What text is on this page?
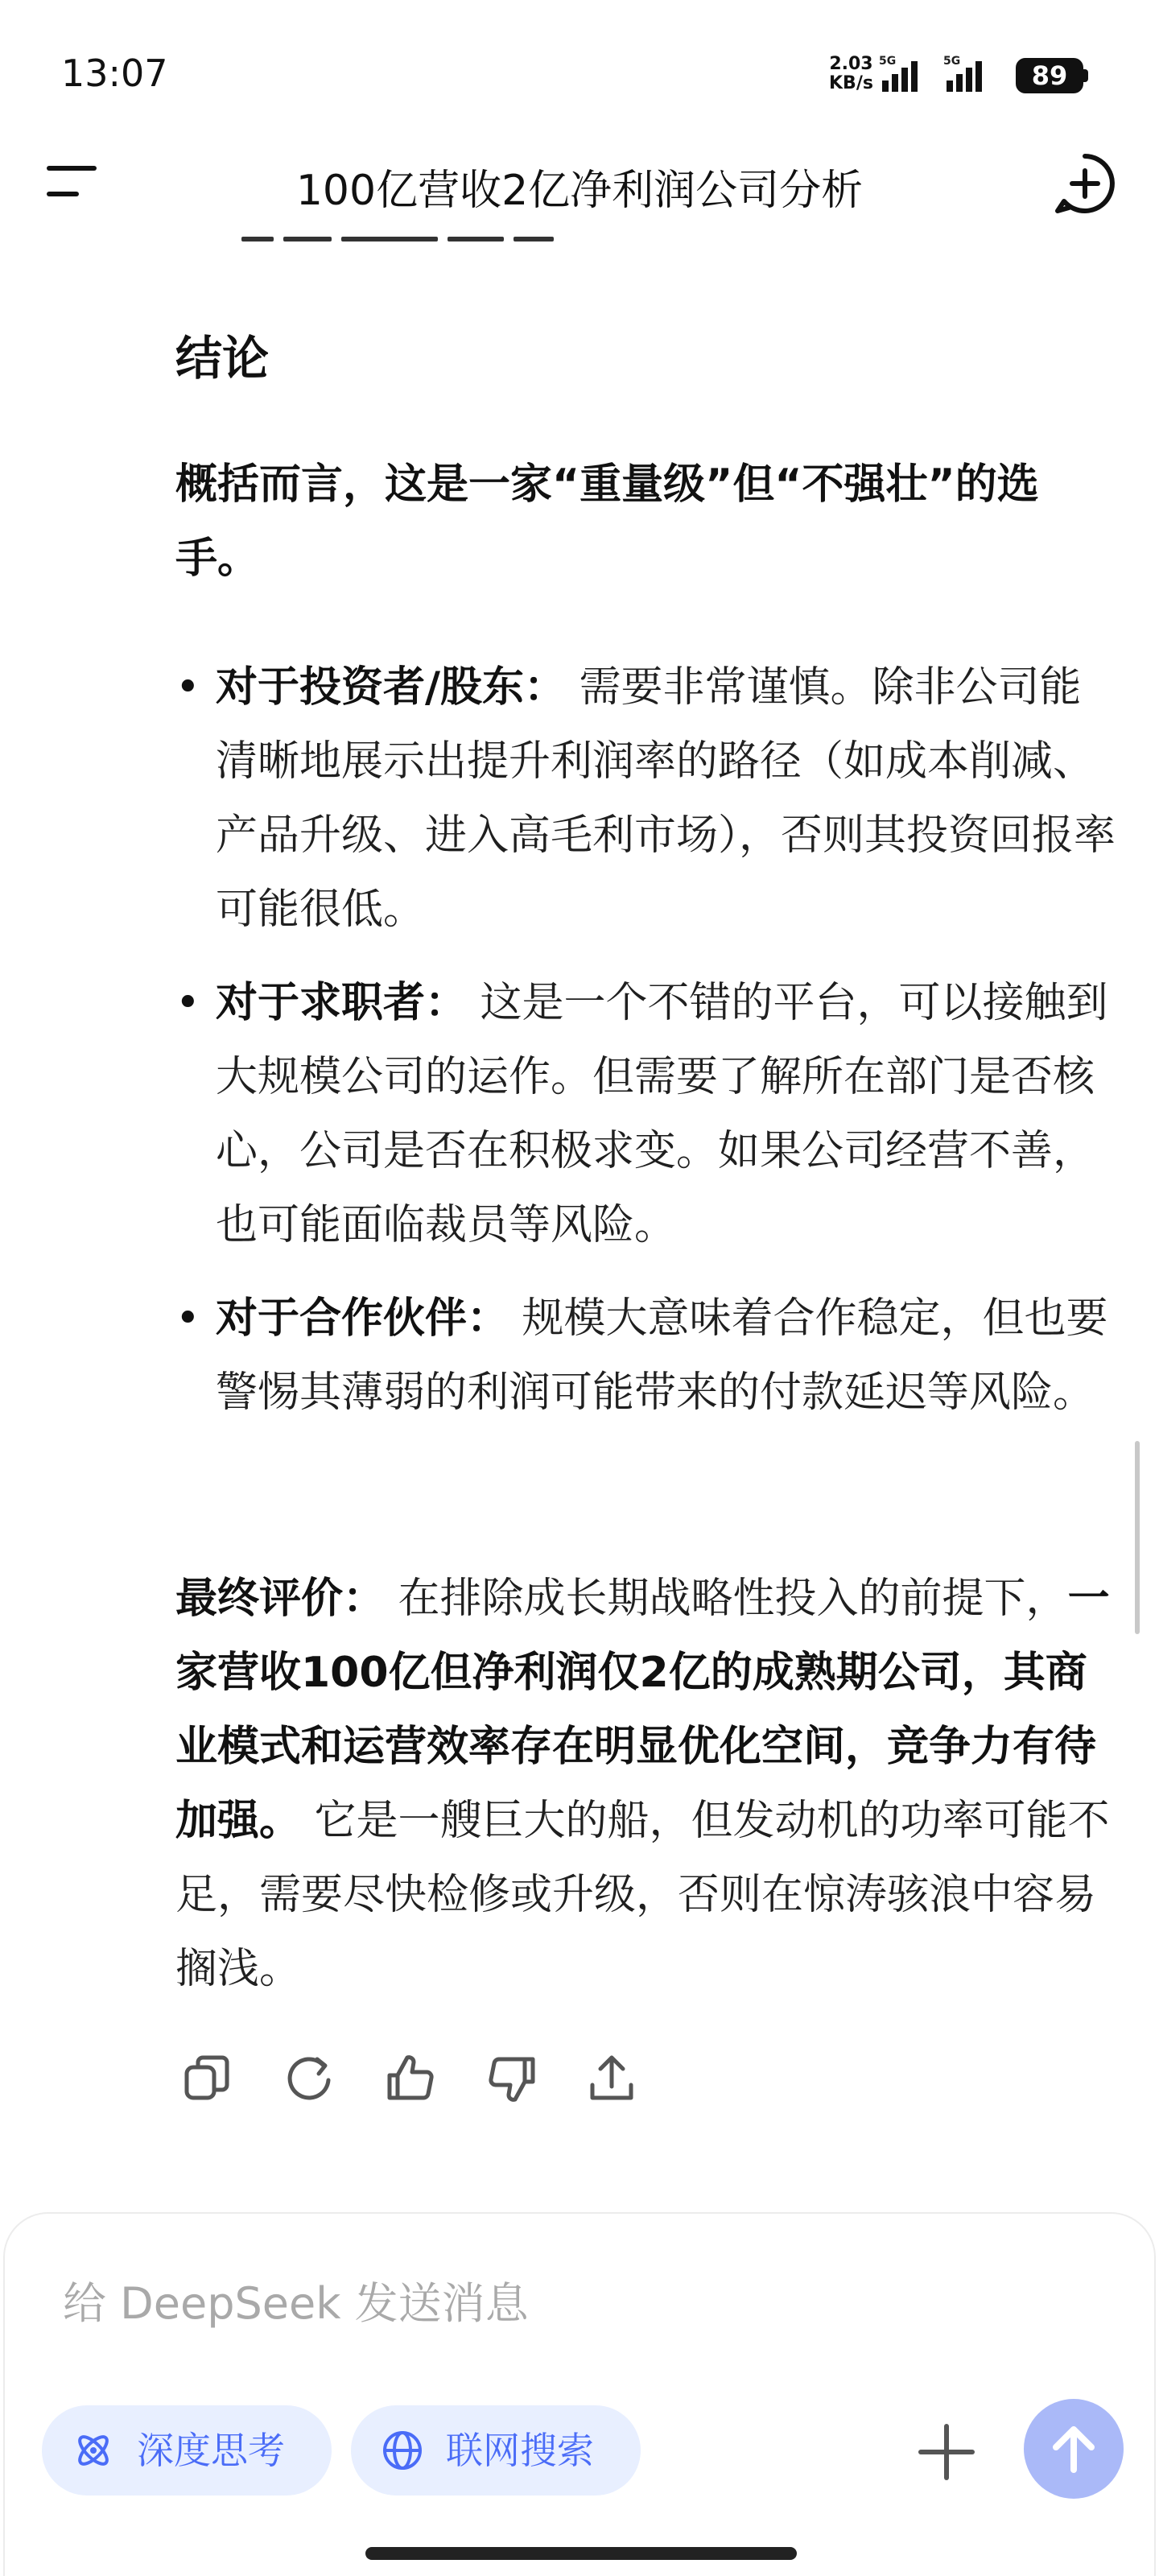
13:07	2.03
KB/s
5G	5G	89
100亿营收2亿净利润公司分析
结论
概括而言，这是一家“重量级”但“不强壮”的选手。
• 对于投资者/股东： 需要非常谨慎。除非公司能清晰地展示出提升利润率的路径（如成本削减、产品升级、进入高毛利市场），否则其投资回报率可能很低。
• 对于求职者： 这是一个不错的平台，可以接触到大规模公司的运作。但需要了解所在部门是否核心，公司是否在积极求变。如果公司经营不善，也可能面临裁员等风险。
• 对于合作伙伴： 规模大意味着合作稳定，但也要警惕其薄弱的利润可能带来的付款延迟等风险。
最终评价： 在排除成长期战略性投入的前提下，一家营收100亿但净利润仅2亿的成熟期公司，其商业模式和运营效率存在明显优化空间，竞争力有待加强。 它是一艘巨大的船，但发动机的功率可能不足，需要尽快检修或升级，否则在惊涛骇浪中容易搁浅。
给 DeepSeek 发送消息
深度思考	联网搜索
